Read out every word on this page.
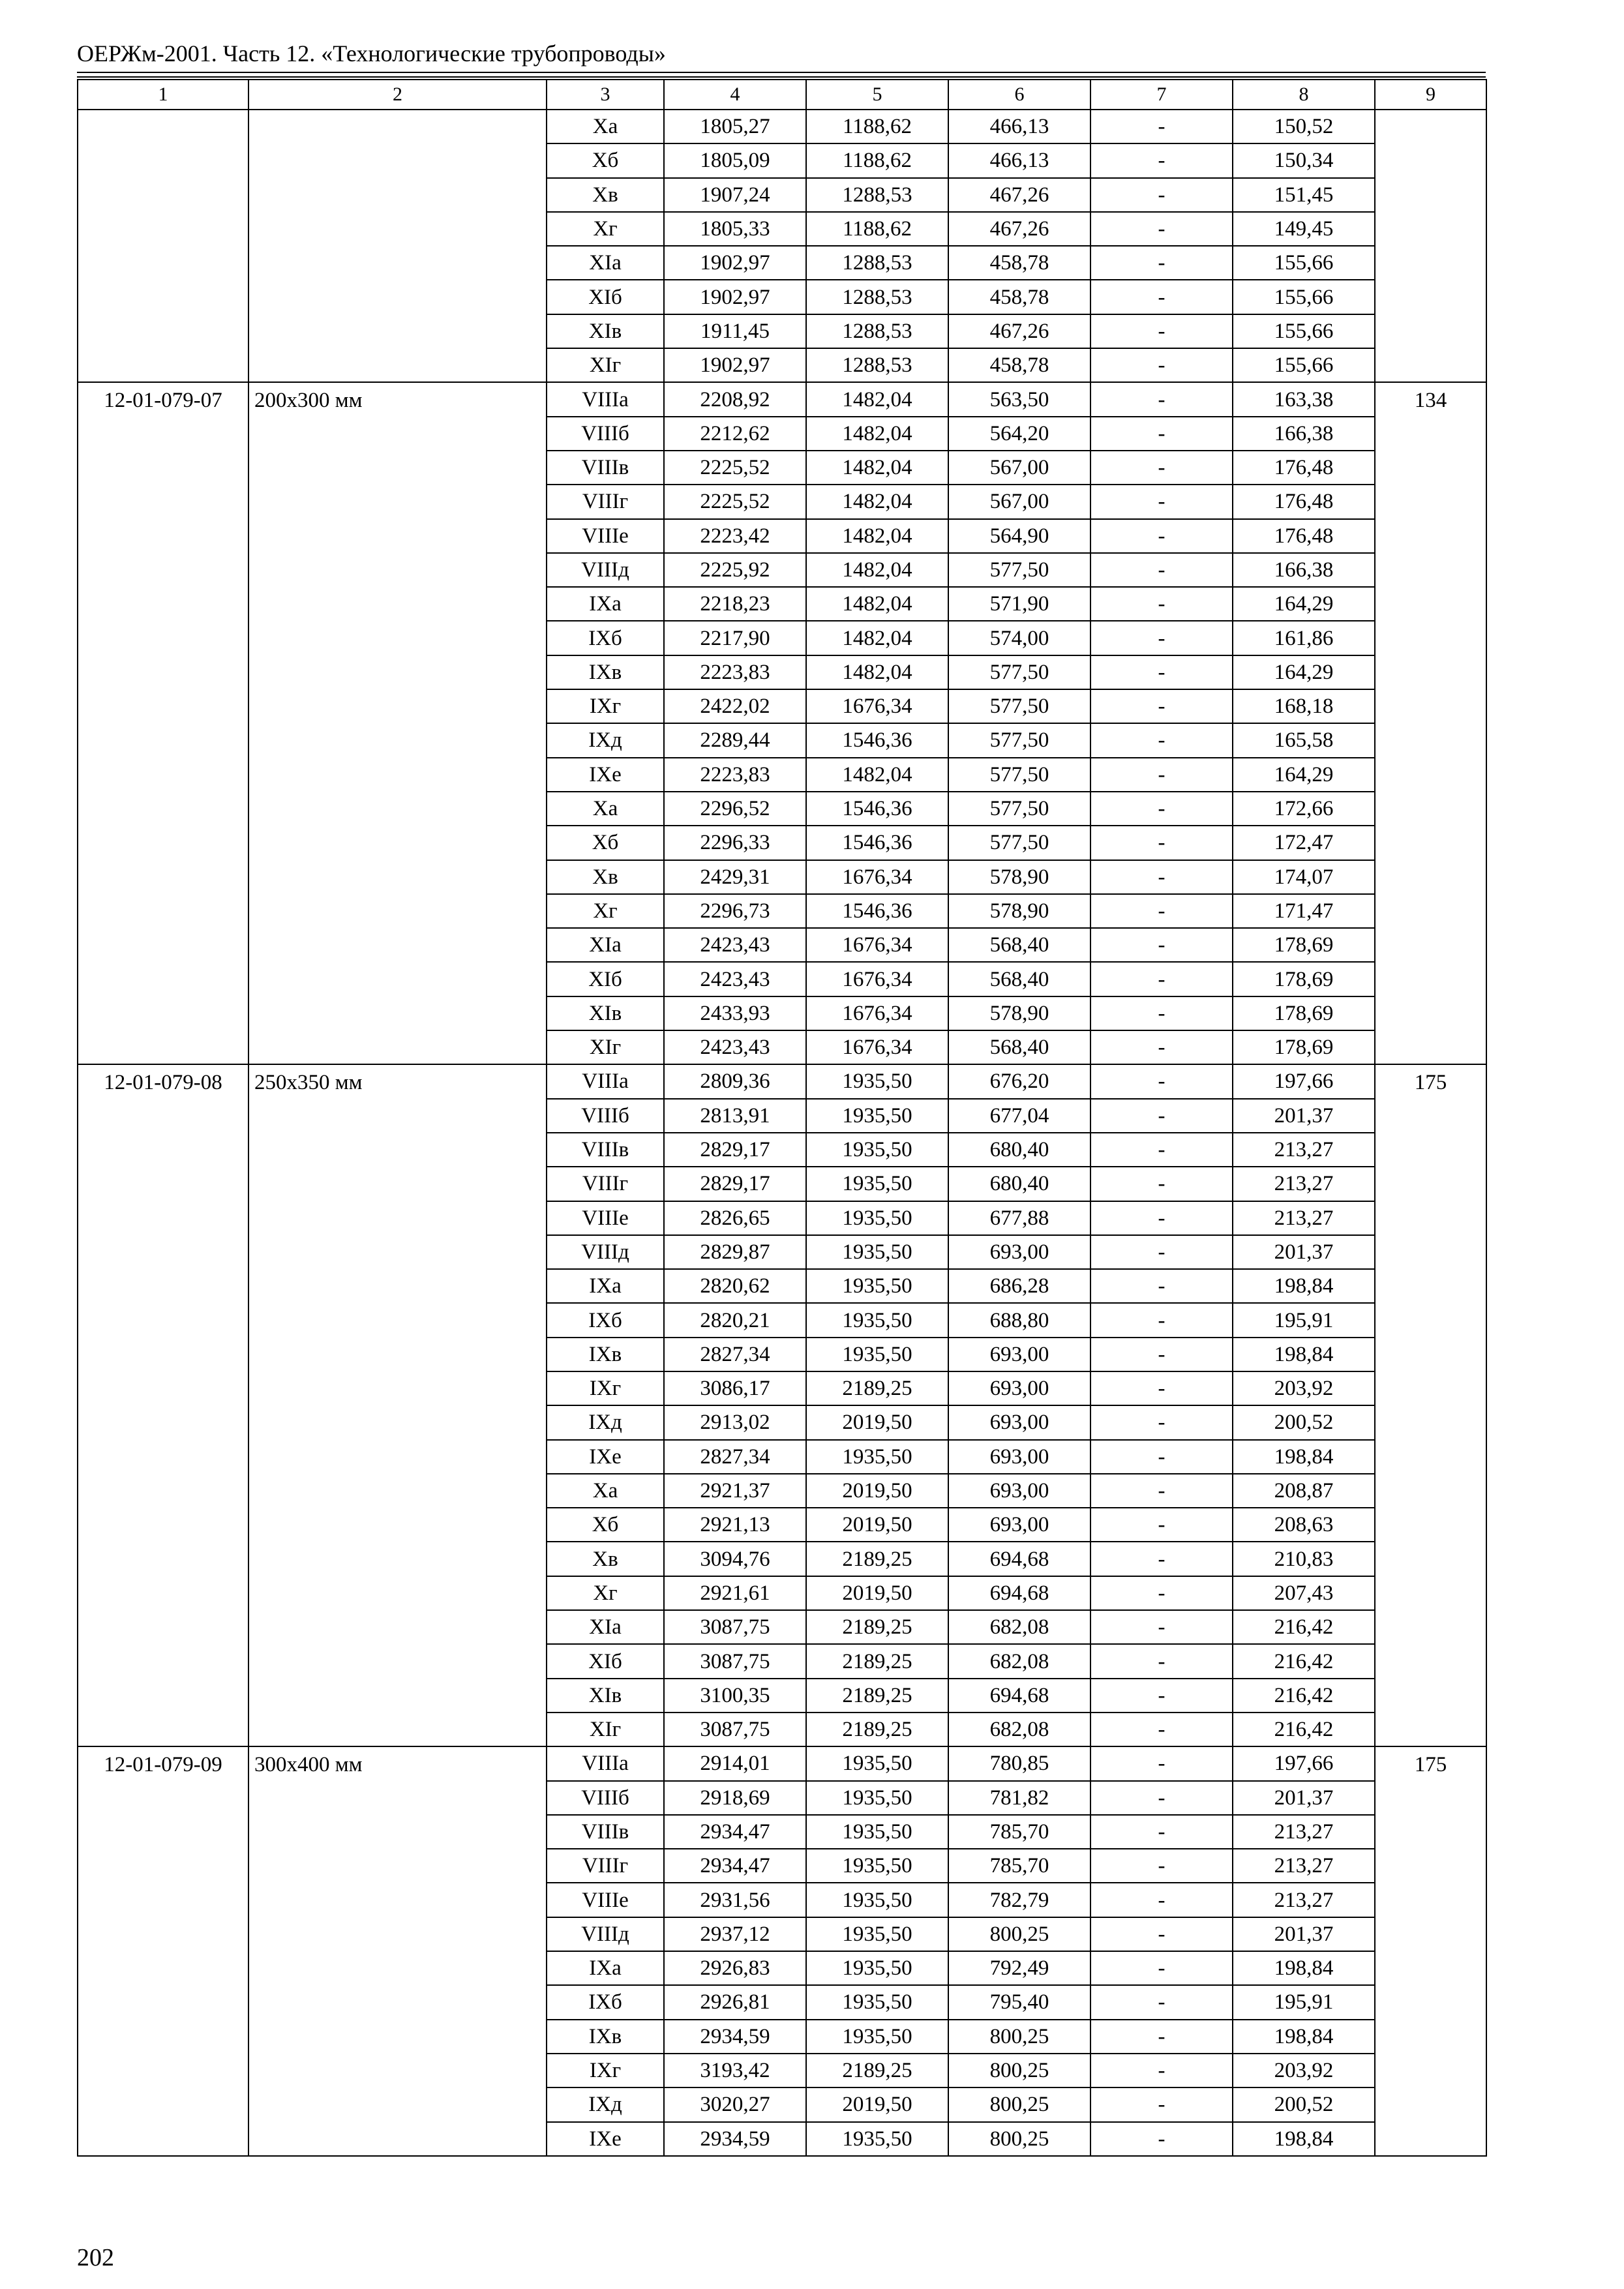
ОЕРЖм-2001. Часть 12. «Технологические трубопроводы»
1	2	3	4	5	6	7	8	9
		Xa	1805,27	1188,62	466,13	-	150,52	
		Xб	1805,09	1188,62	466,13	-	150,34	
		Xв	1907,24	1288,53	467,26	-	151,45	
		Xг	1805,33	1188,62	467,26	-	149,45	
		XIa	1902,97	1288,53	458,78	-	155,66	
		XIб	1902,97	1288,53	458,78	-	155,66	
		XIв	1911,45	1288,53	467,26	-	155,66	
		XIг	1902,97	1288,53	458,78	-	155,66	
12-01-079-07	200x300 мм	VIIIa	2208,92	1482,04	563,50	-	163,38	134
		VIIIб	2212,62	1482,04	564,20	-	166,38	
		VIIIв	2225,52	1482,04	567,00	-	176,48	
		VIIIг	2225,52	1482,04	567,00	-	176,48	
		VIIIe	2223,42	1482,04	564,90	-	176,48	
		VIIIд	2225,92	1482,04	577,50	-	166,38	
		IXa	2218,23	1482,04	571,90	-	164,29	
		IXб	2217,90	1482,04	574,00	-	161,86	
		IXв	2223,83	1482,04	577,50	-	164,29	
		IXг	2422,02	1676,34	577,50	-	168,18	
		IXд	2289,44	1546,36	577,50	-	165,58	
		IXe	2223,83	1482,04	577,50	-	164,29	
		Xa	2296,52	1546,36	577,50	-	172,66	
		Xб	2296,33	1546,36	577,50	-	172,47	
		Xв	2429,31	1676,34	578,90	-	174,07	
		Xг	2296,73	1546,36	578,90	-	171,47	
		XIa	2423,43	1676,34	568,40	-	178,69	
		XIб	2423,43	1676,34	568,40	-	178,69	
		XIв	2433,93	1676,34	578,90	-	178,69	
		XIг	2423,43	1676,34	568,40	-	178,69	
12-01-079-08	250x350 мм	VIIIa	2809,36	1935,50	676,20	-	197,66	175
		VIIIб	2813,91	1935,50	677,04	-	201,37	
		VIIIв	2829,17	1935,50	680,40	-	213,27	
		VIIIг	2829,17	1935,50	680,40	-	213,27	
		VIIIe	2826,65	1935,50	677,88	-	213,27	
		VIIIд	2829,87	1935,50	693,00	-	201,37	
		IXa	2820,62	1935,50	686,28	-	198,84	
		IXб	2820,21	1935,50	688,80	-	195,91	
		IXв	2827,34	1935,50	693,00	-	198,84	
		IXг	3086,17	2189,25	693,00	-	203,92	
		IXд	2913,02	2019,50	693,00	-	200,52	
		IXe	2827,34	1935,50	693,00	-	198,84	
		Xa	2921,37	2019,50	693,00	-	208,87	
		Xб	2921,13	2019,50	693,00	-	208,63	
		Xв	3094,76	2189,25	694,68	-	210,83	
		Xг	2921,61	2019,50	694,68	-	207,43	
		XIa	3087,75	2189,25	682,08	-	216,42	
		XIб	3087,75	2189,25	682,08	-	216,42	
		XIв	3100,35	2189,25	694,68	-	216,42	
		XIг	3087,75	2189,25	682,08	-	216,42	
12-01-079-09	300x400 мм	VIIIa	2914,01	1935,50	780,85	-	197,66	175
		VIIIб	2918,69	1935,50	781,82	-	201,37	
		VIIIв	2934,47	1935,50	785,70	-	213,27	
		VIIIг	2934,47	1935,50	785,70	-	213,27	
		VIIIe	2931,56	1935,50	782,79	-	213,27	
		VIIIд	2937,12	1935,50	800,25	-	201,37	
		IXa	2926,83	1935,50	792,49	-	198,84	
		IXб	2926,81	1935,50	795,40	-	195,91	
		IXв	2934,59	1935,50	800,25	-	198,84	
		IXг	3193,42	2189,25	800,25	-	203,92	
		IXд	3020,27	2019,50	800,25	-	200,52	
		IXe	2934,59	1935,50	800,25	-	198,84	
202
